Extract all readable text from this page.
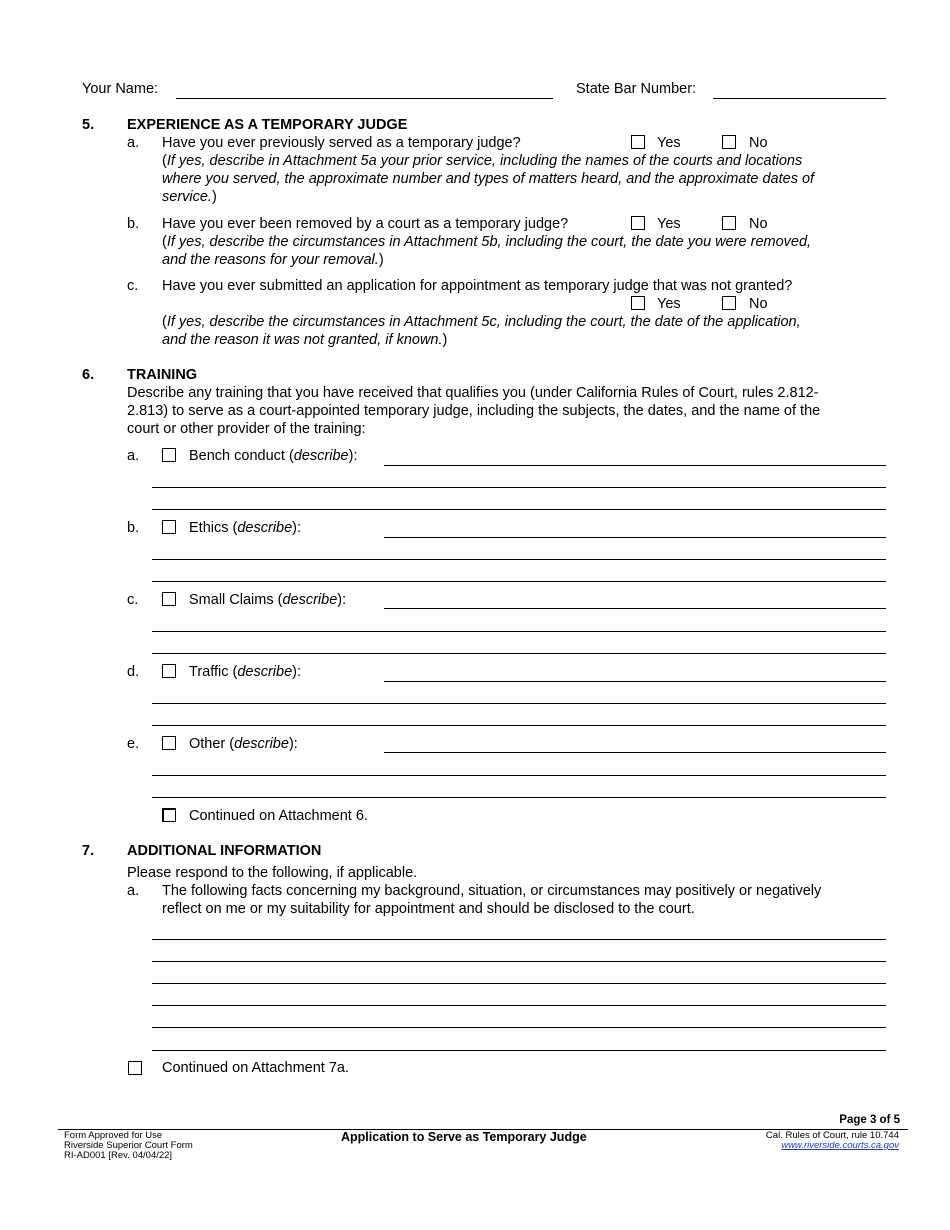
Your Name:	State Bar Number:
5. EXPERIENCE AS A TEMPORARY JUDGE
a. Have you ever previously served as a temporary judge?	Yes	No
(If yes, describe in Attachment 5a your prior service, including the names of the courts and locations
where you served, the approximate number and types of matters heard, and the approximate dates of
service.)
b. Have you ever been removed by a court as a temporary judge?	Yes	No
(If yes, describe the circumstances in Attachment 5b, including the court, the date you were removed,
and the reasons for your removal.)
c. Have you ever submitted an application for appointment as temporary judge that was not granted?
Yes	No
(If yes, describe the circumstances in Attachment 5c, including the court, the date of the application,
and the reason it was not granted, if known.)
6. TRAINING
Describe any training that you have received that qualifies you (under California Rules of Court, rules 2.812-
2.813) to serve as a court-appointed temporary judge, including the subjects, the dates, and the name of the
court or other provider of the training:
a.	Bench conduct (describe):
b.	Ethics (describe):
c.	Small Claims (describe):
d.	Traffic (describe):
e.	Other (describe):
Continued on Attachment 6.
7. ADDITIONAL INFORMATION
Please respond to the following, if applicable.
a. The following facts concerning my background, situation, or circumstances may positively or negatively
reflect on me or my suitability for appointment and should be disclosed to the court.
Continued on Attachment 7a.
Page 3 of 5
Form Approved for Use
Riverside Superior Court Form
RI-AD001 [Rev. 04/04/22]
Application to Serve as Temporary Judge	Cal. Rules of Court, rule 10.744
www.riverside.courts.ca.gov
